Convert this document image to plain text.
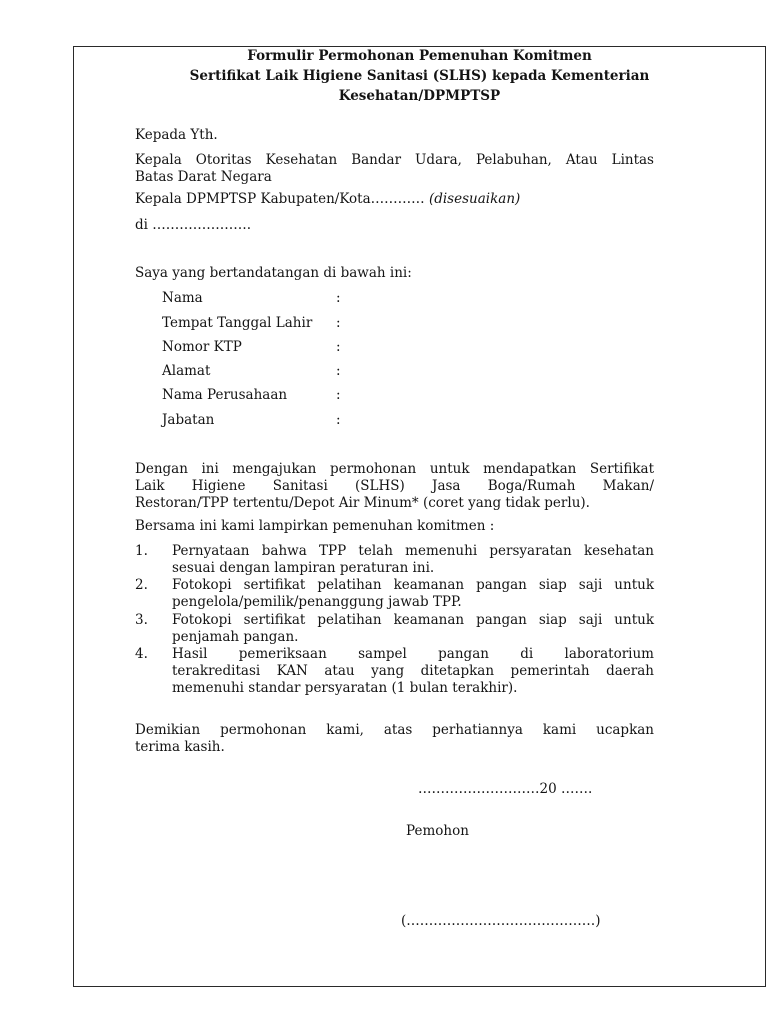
Formulir Permohonan Pemenuhan Komitmen
Sertifikat Laik Higiene Sanitasi (SLHS) kepada Kementerian
Kesehatan/DPMPTSP
Kepada Yth.
Kepala Otoritas Kesehatan Bandar Udara, Pelabuhan, Atau Lintas
Batas Darat Negara
Kepala DPMPTSP Kabupaten/Kota………… (disesuaikan)
di ………………….
Saya yang bertandatangan di bawah ini:
Nama	:
Tempat Tanggal Lahir :
Nomor KTP	:
Alamat	:
Nama Perusahaan	:
Jabatan	:
Dengan ini mengajukan permohonan untuk mendapatkan Sertifikat
Laik Higiene Sanitasi (SLHS) Jasa Boga/Rumah Makan/
Restoran/TPP tertentu/Depot Air Minum* (coret yang tidak perlu).
Bersama ini kami lampirkan pemenuhan komitmen :
1. Pernyataan bahwa TPP telah memenuhi persyaratan kesehatan
sesuai dengan lampiran peraturan ini.
2. Fotokopi sertifikat pelatihan keamanan pangan siap saji untuk
pengelola/pemilik/penanggung jawab TPP.
3. Fotokopi sertifikat pelatihan keamanan pangan siap saji untuk
penjamah pangan.
4. Hasil pemeriksaan sampel pangan di laboratorium
terakreditasi KAN atau yang ditetapkan pemerintah daerah
memenuhi standar persyaratan (1 bulan terakhir).
Demikian permohonan kami, atas perhatiannya kami ucapkan
terima kasih.
………………………20 …….
Pemohon
(……………………………………)
